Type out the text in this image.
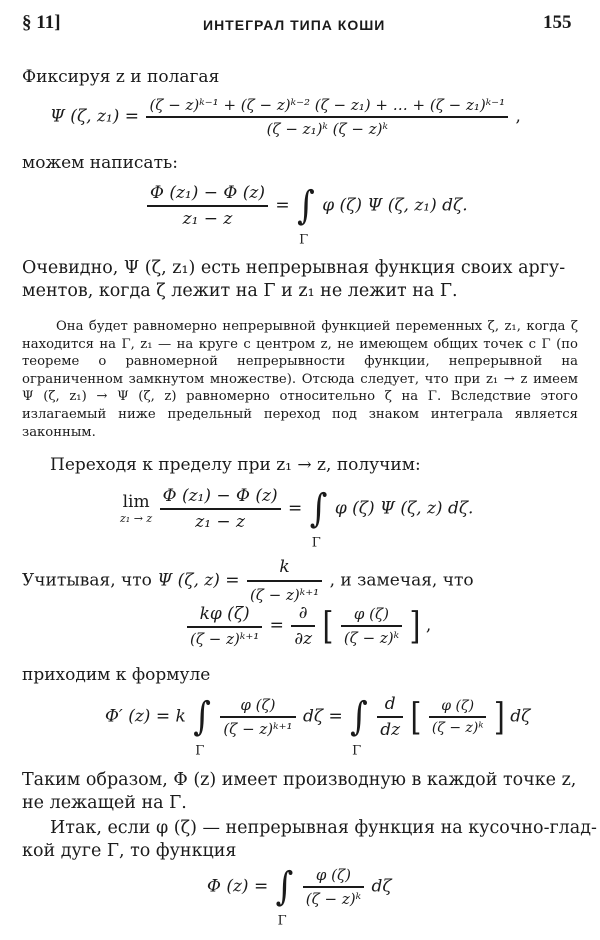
§ 11]	ИНТЕГРАЛ ТИПА КОШИ	155
Фиксируя z и полагая
Ψ (ζ, $z_1) = \frac{\text{(ζ − z)ᵏ⁻¹ + (ζ − z)ᵏ⁻² (ζ − z₁) + … + (ζ − z₁)ᵏ⁻¹}}{\text{(ζ − z₁)ᵏ (ζ − z)ᵏ}}$ ,
можем написать:
$\frac{\text{Φ (z₁) − Φ (z)}}{\text{z₁ − z}}$ = ∫
Γ
φ (ζ) Ψ (ζ, z₁) dζ.
Очевидно, Ψ (ζ, z₁) есть непрерывная функция своих аргу-
ментов, когда ζ лежит на Γ и z₁ не лежит на Γ.
Она будет равномерно непрерывной функцией переменных ζ, z₁, когда ζ находится на Γ, z₁ — на круге с центром z, не имеющем общих точек с Γ (по теореме о равномерной непрерывности функции, непрерывной на ограниченном замкнутом множестве). Отсюда следует, что при z₁ → z имеем Ψ (ζ, z₁) → Ψ (ζ, z) равномерно относительно ζ на Γ. Вследствие этого излагаемый ниже предельный переход под знаком интеграла является законным.
Переходя к пределу при z₁ → z, получим:
lim
z₁ → z
$\frac{\text{Φ (z₁) − Φ (z)}}{\text{z₁ − z}}$ = ∫
Γ
φ (ζ) Ψ (ζ, z) dζ.
Учитывая, что Ψ (ζ, $z) = \frac{k}{\text{(ζ − z)ᵏ⁺¹}}$ , и замечая, что
$\frac{k\varphi (\zeta)}{\text{(ζ − z)ᵏ⁺¹}} = \frac{\partial}{\partial z}$ [ $\frac{\varphi (\zeta)}{\text{(ζ − z)ᵏ}}$ ] ,
приходим к формуле
Φ′ (z) = k ∫
Γ

$\frac{\varphi (\zeta)}{\text{(ζ − z)ᵏ⁺¹}}$ dζ = ∫
Γ

$\frac{d}{dz}$ [ $\frac{\varphi (\zeta)}{\text{(ζ − z)ᵏ}}$ ] dζ
Таким образом, Φ (z) имеет производную в каждой точке z,
не лежащей на Γ.
Итак, если φ (ζ) — непрерывная функция на кусочно-глад-
кой дуге Γ, то функция
Φ (z) = ∫
Γ

$\frac{\varphi (\zeta)}{\text{(ζ − z)ᵏ}}$ dζ
